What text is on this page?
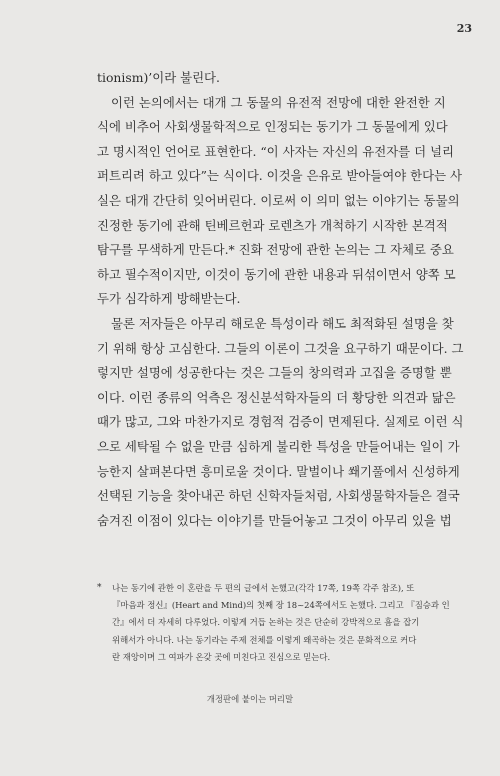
23

tionism)’이라 불린다.

이런 논의에서는 대개 그 동물의 유전적 전망에 대한 완전한 지
식에 비추어 사회생물학적으로 인정되는 동기가 그 동물에게 있다
고 명시적인 언어로 표현한다. “이 사자는 자신의 유전자를 더 널리
퍼트리려 하고 있다”는 식이다. 이것을 은유로 받아들여야 한다는 사
실은 대개 간단히 잊어버린다. 이로써 이 의미 없는 이야기는 동물의
진정한 동기에 관해 틴베르헌과 로렌츠가 개척하기 시작한 본격적
탐구를 무색하게 만든다.* 진화 전망에 관한 논의는 그 자체로 중요
하고 필수적이지만, 이것이 동기에 관한 내용과 뒤섞이면서 양쪽 모
두가 심각하게 방해받는다.

물론 저자들은 아무리 해로운 특성이라 해도 최적화된 설명을 찾
기 위해 항상 고심한다. 그들의 이론이 그것을 요구하기 때문이다. 그
렇지만 설명에 성공한다는 것은 그들의 창의력과 고집을 증명할 뿐
이다. 이런 종류의 억측은 정신분석학자들의 더 황당한 의견과 닮은
때가 많고, 그와 마찬가지로 경험적 검증이 면제된다. 실제로 이런 식
으로 세탁될 수 없을 만큼 심하게 불리한 특성을 만들어내는 일이 가
능한지 살펴본다면 흥미로울 것이다. 말벌이나 쐐기풀에서 신성하게
선택된 기능을 찾아내곤 하던 신학자들처럼, 사회생물학자들은 결국
숨겨진 이점이 있다는 이야기를 만들어놓고 그것이 아무리 있을 법

*	나는 동기에 관한 이 혼란을 두 편의 글에서 논했고(각각 17쪽, 19쪽 각주 참조), 또
『마음과 정신』(Heart and Mind)의 첫째 장 18~24쪽에서도 논했다. 그리고 『짐승과 인
간』에서 더 자세히 다루었다. 이렇게 거듭 논하는 것은 단순히 강박적으로 흠을 잡기
위해서가 아니다. 나는 동기라는 주제 전체를 이렇게 왜곡하는 것은 문화적으로 커다
란 재앙이며 그 여파가 온갖 곳에 미친다고 진심으로 믿는다.
개정판에 붙이는 머리말
